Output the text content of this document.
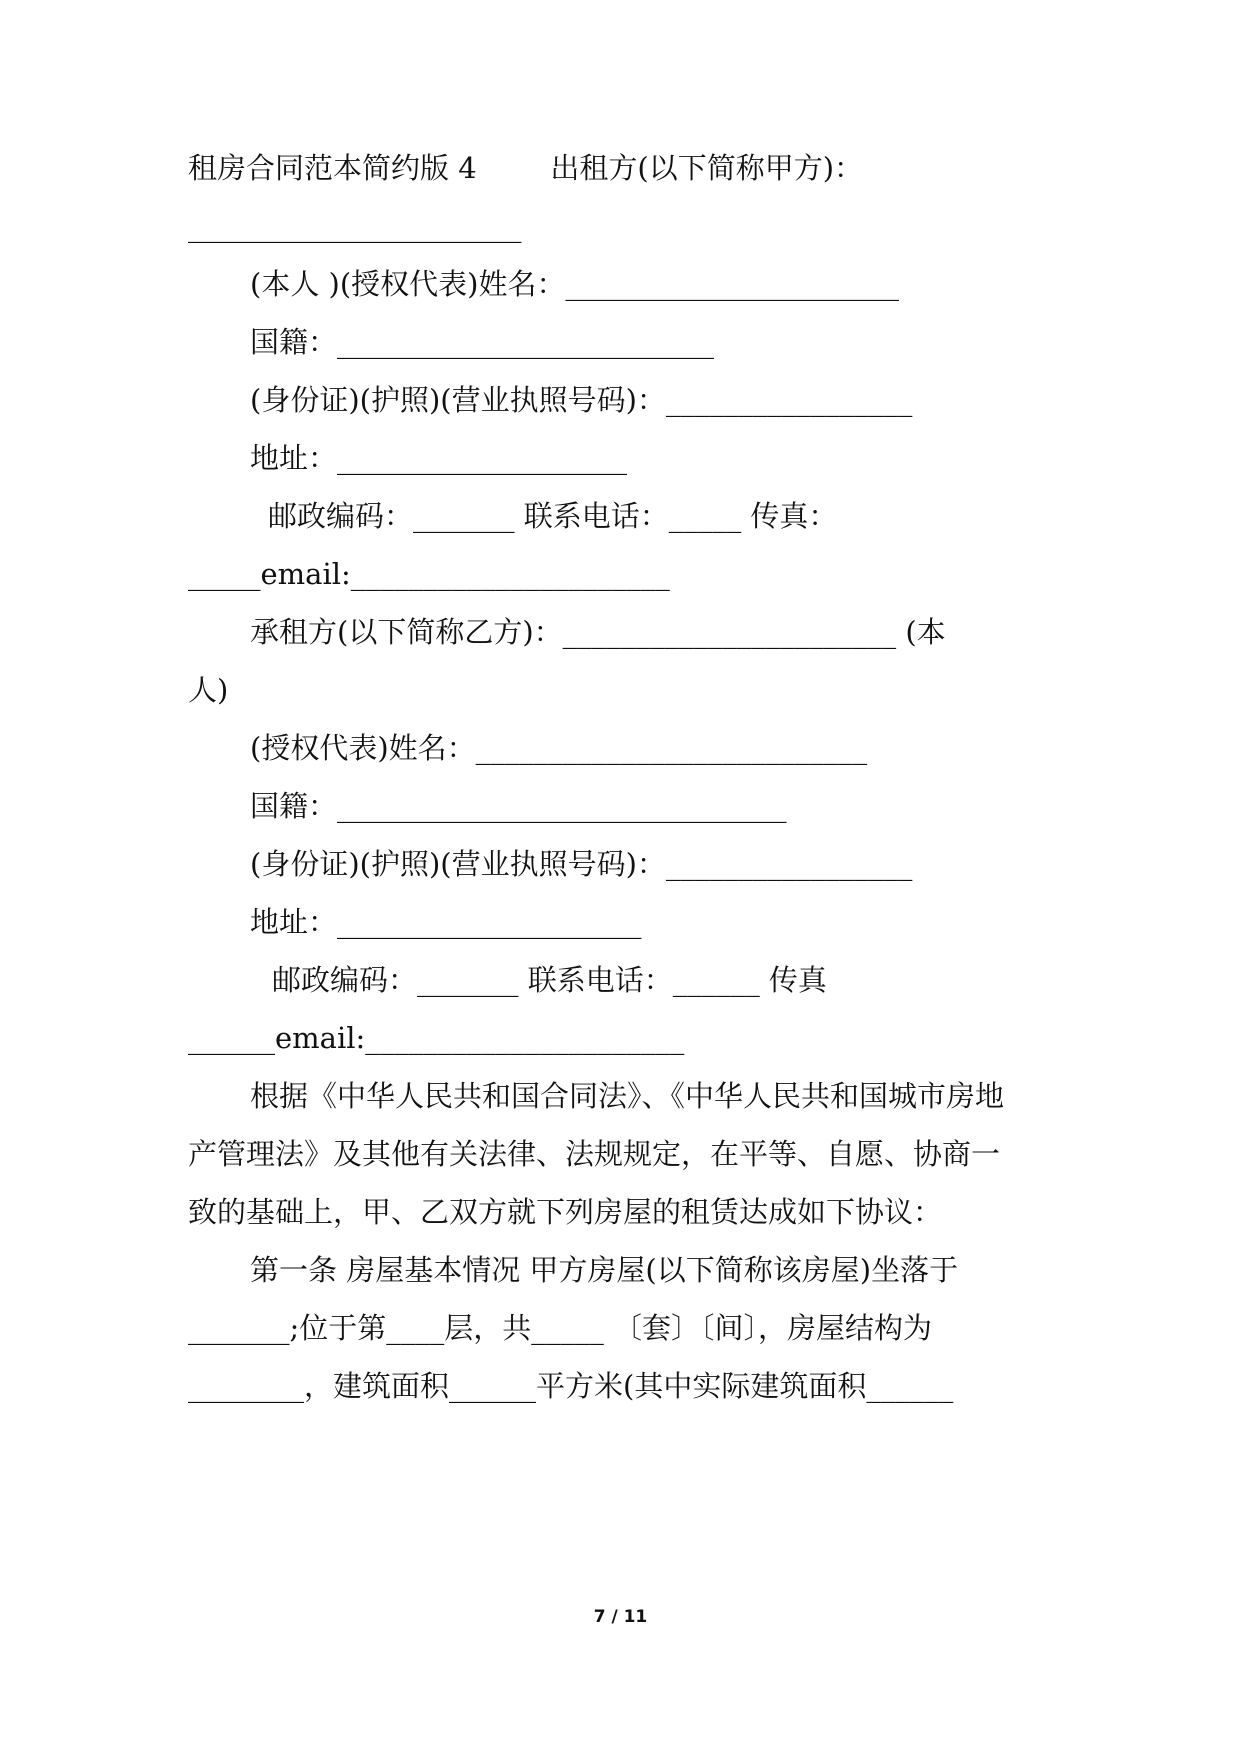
租房合同范本简约版 4        出租方(以下简称甲方)：
_______________________
(本人 )(授权代表)姓名：_______________________
国籍：__________________________
(身份证)(护照)(营业执照号码)：_________________
地址：____________________
邮政编码：_______ 联系电话：_____ 传真：
_____email:______________________
承租方(以下简称乙方)：_______________________ (本
人)
(授权代表)姓名：___________________________
国籍：_______________________________
(身份证)(护照)(营业执照号码)：_________________
地址：_____________________
邮政编码：_______ 联系电话：______ 传真
______email:______________________
根据《中华人民共和国合同法》、《中华人民共和国城市房地
产管理法》及其他有关法律、法规规定，在平等、自愿、协商一
致的基础上，甲、乙双方就下列房屋的租赁达成如下协议：
第一条 房屋基本情况 甲方房屋(以下简称该房屋)坐落于
_______;位于第____层，共_____ 〔套〕〔间〕，房屋结构为
________，建筑面积______平方米(其中实际建筑面积______
7 / 11
